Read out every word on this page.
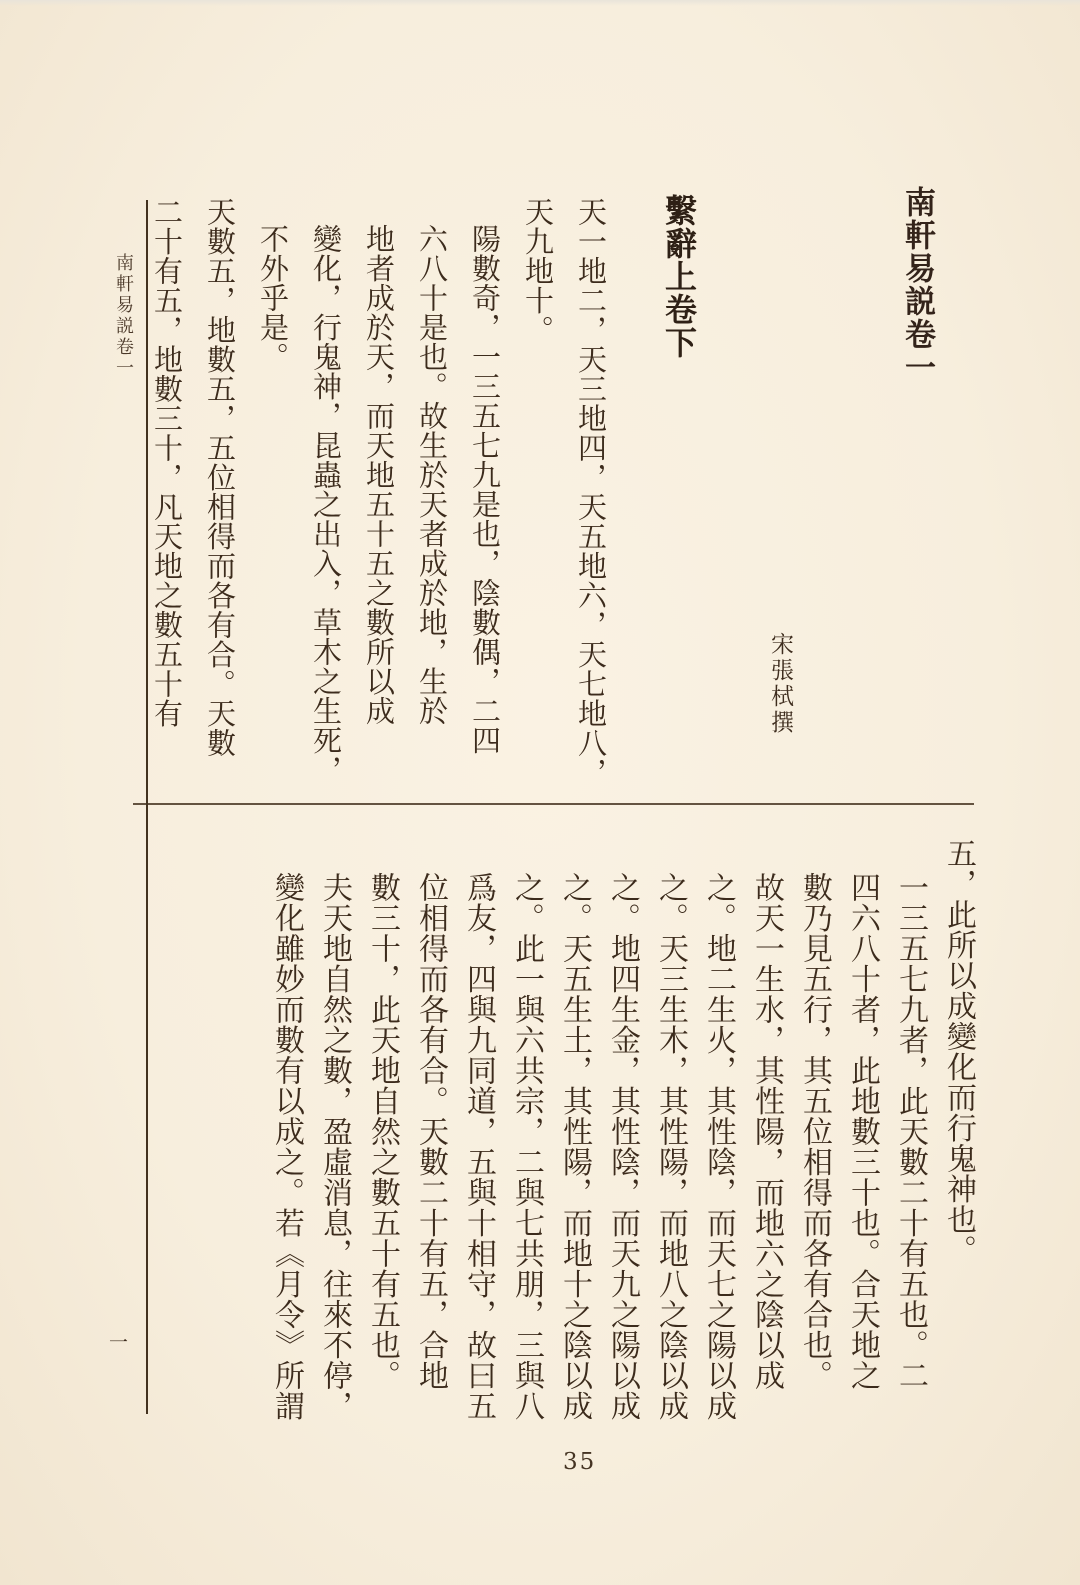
南軒易説卷一
宋張栻撰
繫辭上卷下
天一地二，天三地四，天五地六，天七地八，
天九地十。
陽數奇，一三五七九是也，陰數偶，二四
六八十是也。故生於天者成於地，生於
地者成於天，而天地五十五之數所以成
變化，行鬼神，昆蟲之出入，草木之生死，
不外乎是。
天數五，地數五，五位相得而各有合。天數
二十有五，地數三十，凡天地之數五十有
五，此所以成變化而行鬼神也。
一三五七九者，此天數二十有五也。二
四六八十者，此地數三十也。合天地之
數乃見五行，其五位相得而各有合也。
故天一生水，其性陽，而地六之陰以成
之。地二生火，其性陰，而天七之陽以成
之。天三生木，其性陽，而地八之陰以成
之。地四生金，其性陰，而天九之陽以成
之。天五生土，其性陽，而地十之陰以成
之。此一與六共宗，二與七共朋，三與八
爲友，四與九同道，五與十相守，故曰五
位相得而各有合。天數二十有五，合地
數三十，此天地自然之數五十有五也。
夫天地自然之數，盈虛消息，往來不停，
變化雖妙而數有以成之。若《月令》所謂
南軒易説卷一
一
35
